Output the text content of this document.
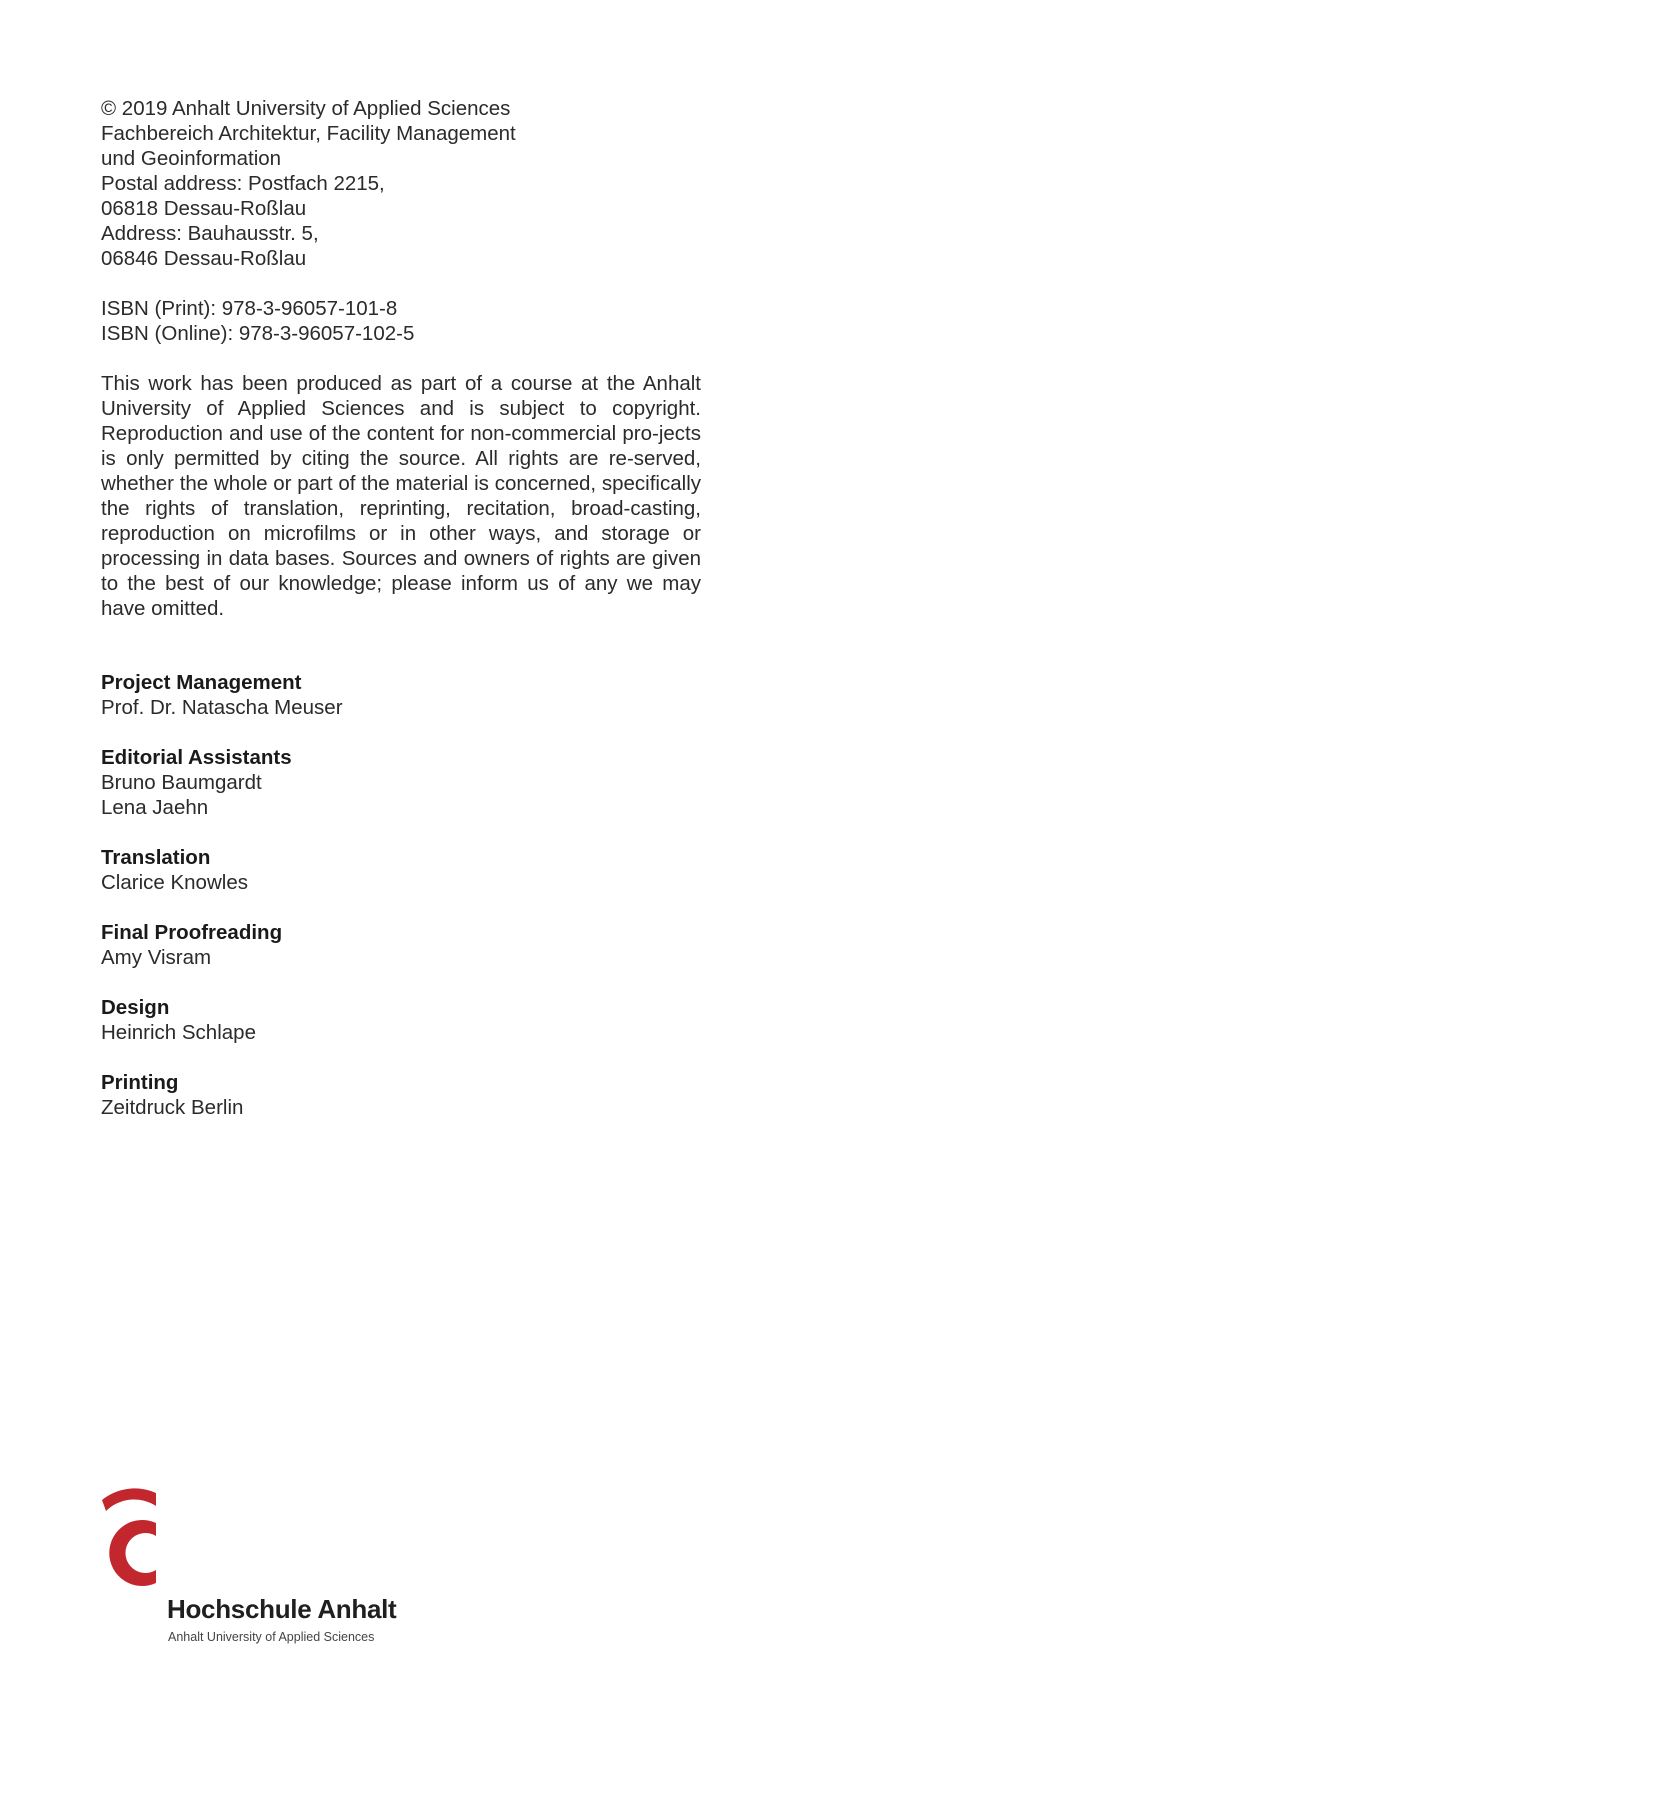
© 2019 Anhalt University of Applied Sciences
Fachbereich Architektur, Facility Management
und Geoinformation
Postal address: Postfach 2215,
06818 Dessau-Roßlau
Address: Bauhausstr. 5,
06846 Dessau-Roßlau
ISBN (Print): 978-3-96057-101-8
ISBN (Online): 978-3-96057-102-5

This work has been produced as part of a course at the Anhalt University of Applied Sciences and is subject to copyright. Reproduction and use of the content for non-commercial pro-jects is only permitted by citing the source. All rights are re-served, whether the whole or part of the material is concerned, specifically the rights of translation, reprinting, recitation, broad-casting, reproduction on microfilms or in other ways, and storage or processing in data bases. Sources and owners of rights are given to the best of our knowledge; please inform us of any we may have omitted.

Project Management
Prof. Dr. Natascha Meuser
Editorial Assistants
Bruno Baumgardt
Lena Jaehn
Translation
Clarice Knowles
Final Proofreading
Amy Visram
Design
Heinrich Schlape
Printing
Zeitdruck Berlin
Hochschule Anhalt
Anhalt University of Applied Sciences
